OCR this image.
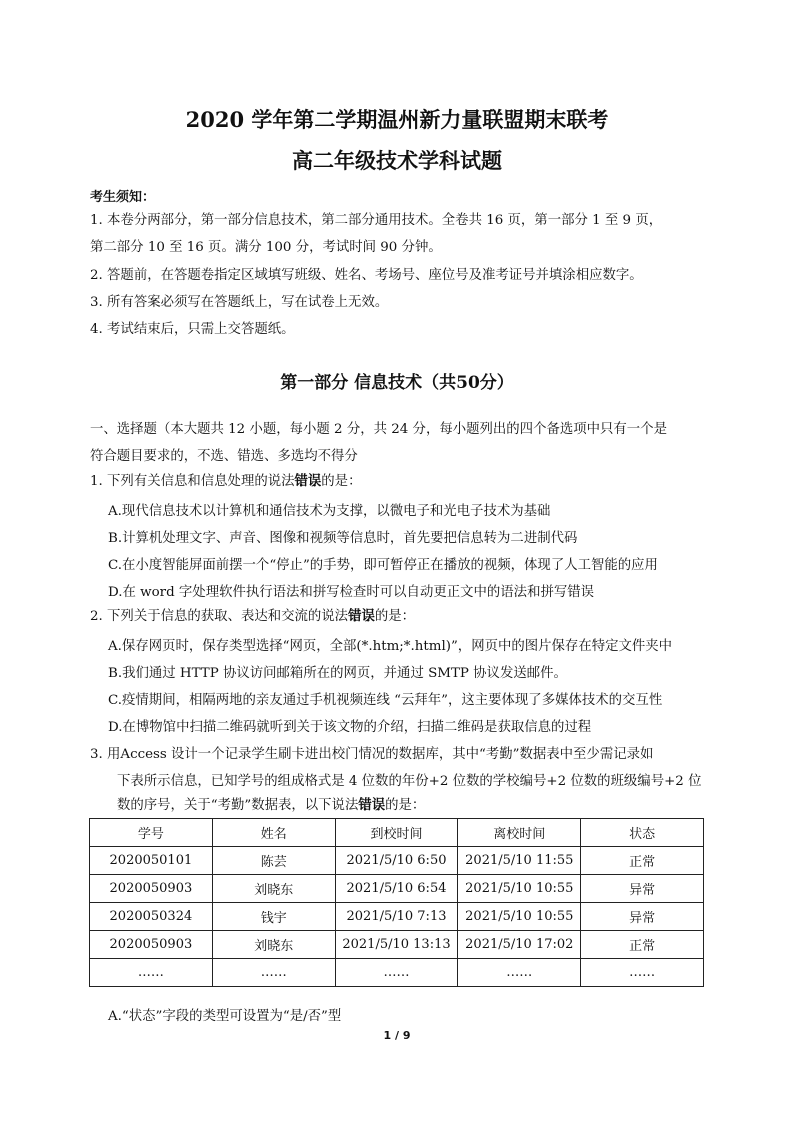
2020 学年第二学期温州新力量联盟期末联考
高二年级技术学科试题
考生须知：
1. 本卷分两部分，第一部分信息技术，第二部分通用技术。全卷共 16 页，第一部分 1 至 9 页，
第二部分 10 至 16 页。满分 100 分，考试时间 90 分钟。
2. 答题前，在答题卷指定区域填写班级、姓名、考场号、座位号及准考证号并填涂相应数字。
3. 所有答案必须写在答题纸上，写在试卷上无效。
4. 考试结束后，只需上交答题纸。
第一部分 信息技术（共50分）
一、选择题（本大题共 12 小题，每小题 2 分，共 24 分，每小题列出的四个备选项中只有一个是
符合题目要求的，不选、错选、多选均不得分
1. 下列有关信息和信息处理的说法错误的是：
A.现代信息技术以计算机和通信技术为支撑，以微电子和光电子技术为基础
B.计算机处理文字、声音、图像和视频等信息时，首先要把信息转为二进制代码
C.在小度智能屏面前摆一个“停止”的手势，即可暂停正在播放的视频，体现了人工智能的应用
D.在 word 字处理软件执行语法和拼写检查时可以自动更正文中的语法和拼写错误
2. 下列关于信息的获取、表达和交流的说法错误的是：
A.保存网页时，保存类型选择“网页，全部(*.htm;*.html)”，网页中的图片保存在特定文件夹中
B.我们通过 HTTP 协议访问邮箱所在的网页，并通过 SMTP 协议发送邮件。
C.疫情期间，相隔两地的亲友通过手机视频连线 “云拜年”，这主要体现了多媒体技术的交互性
D.在博物馆中扫描二维码就听到关于该文物的介绍，扫描二维码是获取信息的过程
3. 用Access 设计一个记录学生刷卡进出校门情况的数据库，其中“考勤”数据表中至少需记录如
下表所示信息，已知学号的组成格式是 4 位数的年份+2 位数的学校编号+2 位数的班级编号+2 位
数的序号，关于“考勤”数据表，以下说法错误的是：
学号	姓名	到校时间	离校时间	状态
2020050101	陈芸	2021/5/10 6:50	2021/5/10 11:55	正常
2020050903	刘晓东	2021/5/10 6:54	2021/5/10 10:55	异常
2020050324	钱宇	2021/5/10 7:13	2021/5/10 10:55	异常
2020050903	刘晓东	2021/5/10 13:13	2021/5/10 17:02	正常
……	……	……	……	……
A.“状态”字段的类型可设置为“是/否”型
1 / 9
